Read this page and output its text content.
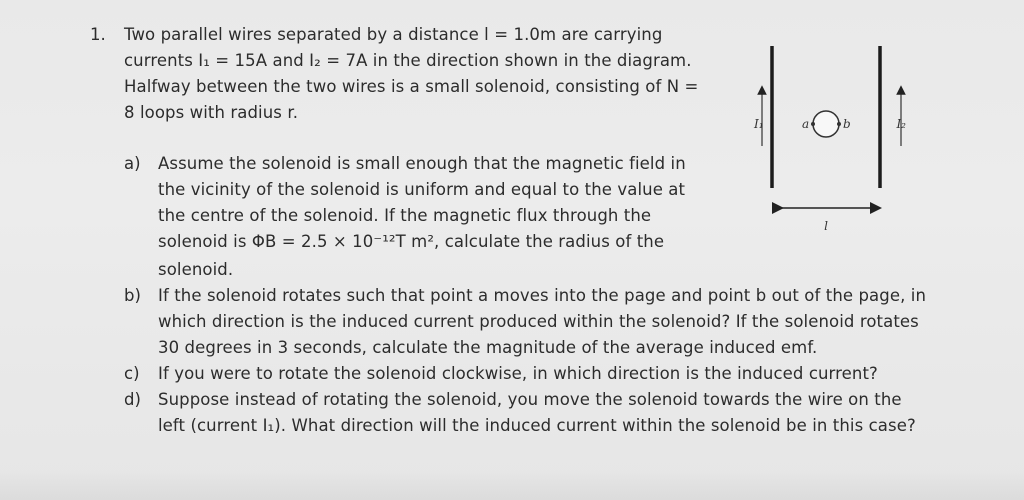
1. Two parallel wires separated by a distance l = 1.0m are carrying
currents I₁ = 15A and I₂ = 7A in the direction shown in the diagram.
Halfway between the two wires is a small solenoid, consisting of N =
8 loops with radius r.
a) Assume the solenoid is small enough that the magnetic field in
the vicinity of the solenoid is uniform and equal to the value at
the centre of the solenoid. If the magnetic flux through the
solenoid is ΦB = 2.5 × 10⁻¹²T m², calculate the radius of the
solenoid.
b) If the solenoid rotates such that point a moves into the page and point b out of the page, in
which direction is the induced current produced within the solenoid? If the solenoid rotates
30 degrees in 3 seconds, calculate the magnitude of the average induced emf.
c) If you were to rotate the solenoid clockwise, in which direction is the induced current?
d) Suppose instead of rotating the solenoid, you move the solenoid towards the wire on the
left (current I₁). What direction will the induced current within the solenoid be in this case?
I₁	I₂
a	b
l
